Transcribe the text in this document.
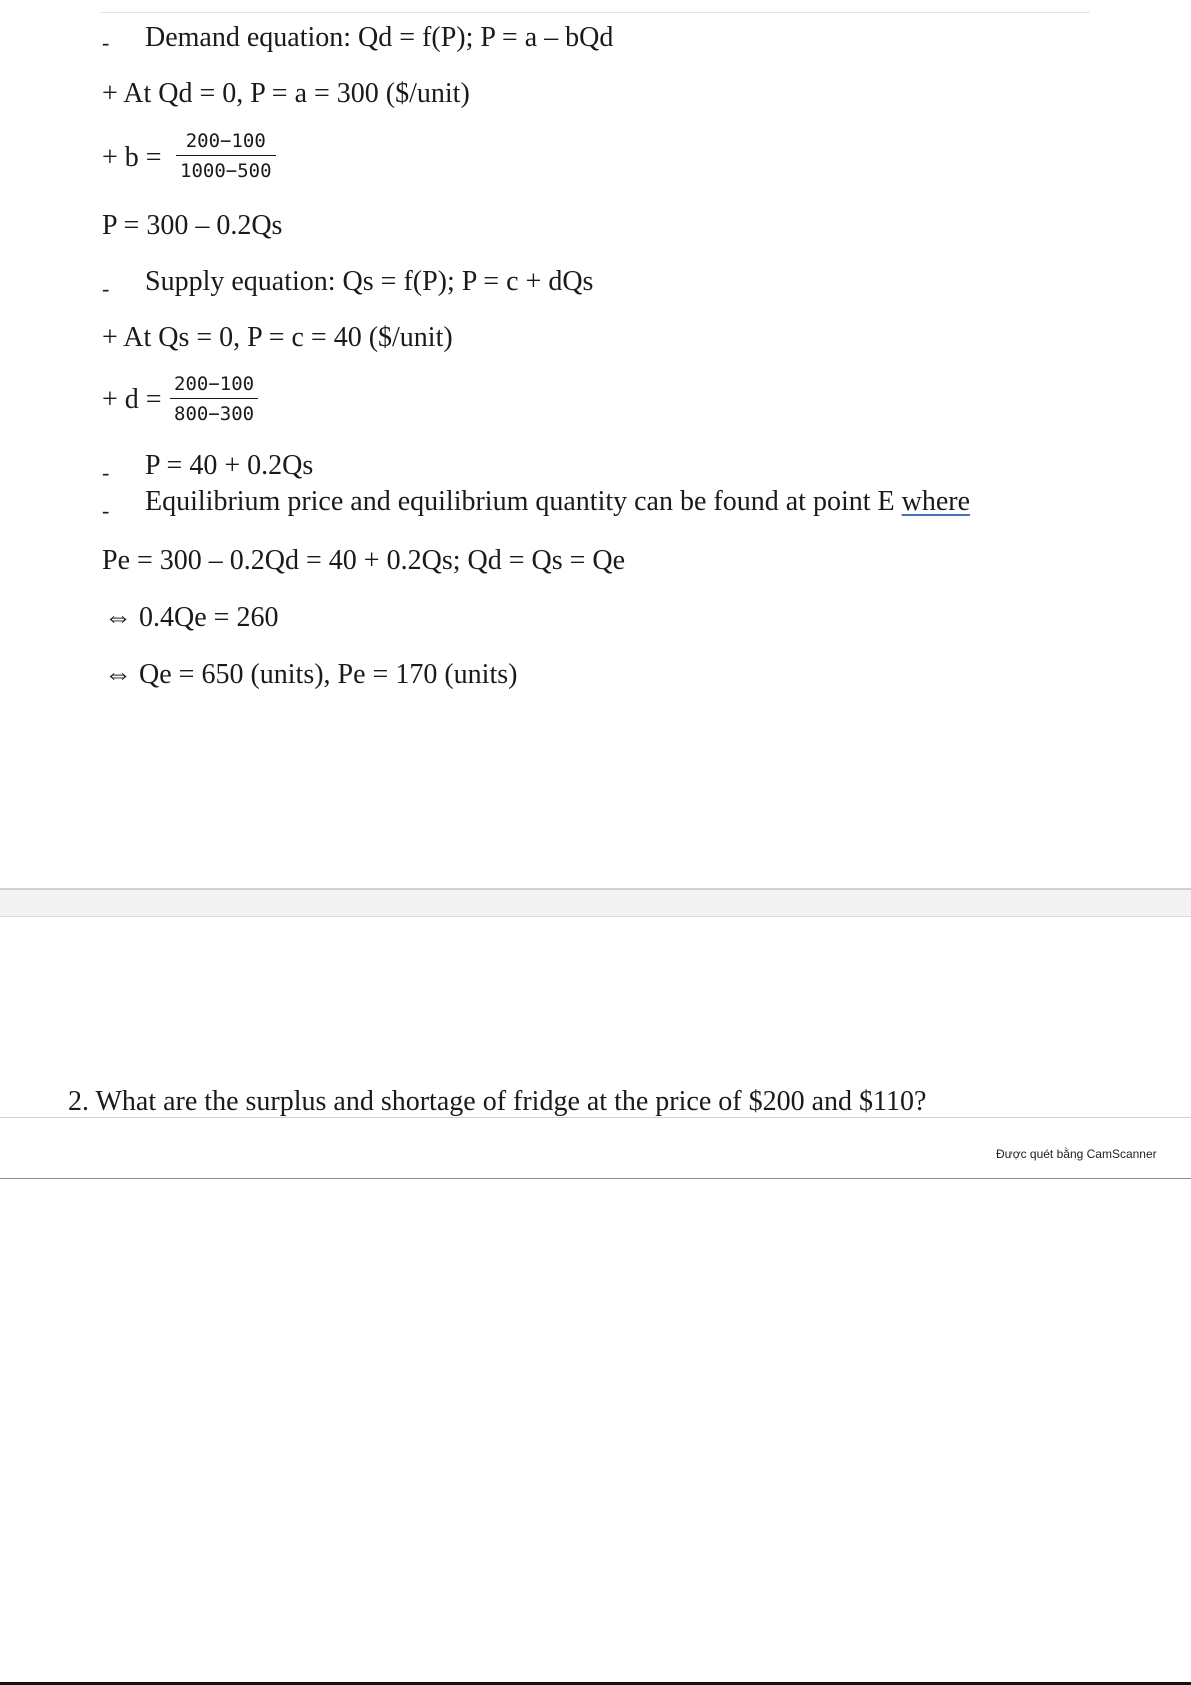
- Demand equation: Qd = f(P); P = a – bQd
+ At Qd = 0, P = a = 300 ($/unit)
+ $b = \frac{200-100}{1000-500}$
P = 300 – 0.2Qs
- Supply equation: Qs = f(P); P = c + dQs
+ At Qs = 0, P = c = 40 ($/unit)
+ $d = \frac{200-100}{800-300}$
- P = 40 + 0.2Qs
- Equilibrium price and equilibrium quantity can be found at point E where
Pe = 300 – 0.2Qd = 40 + 0.2Qs; Qd = Qs = Qe
⇔ 0.4Qe = 260
⇔ Qe = 650 (units), Pe = 170 (units)
2. What are the surplus and shortage of fridge at the price of $200 and $110?
Được quét bằng CamScanner
